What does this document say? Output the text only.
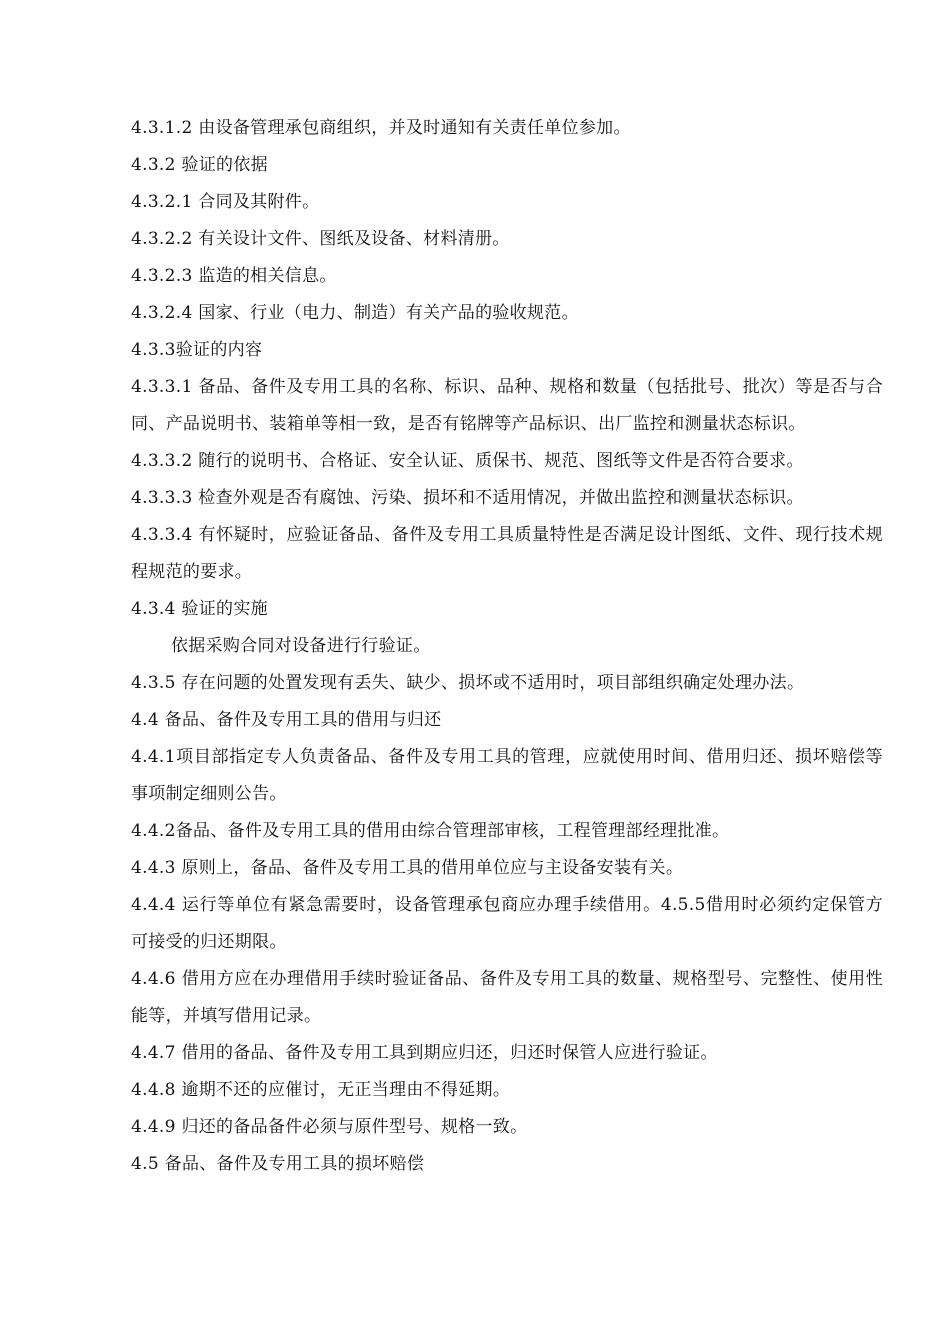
4.3.1.2 由设备管理承包商组织，并及时通知有关责任单位参加。

4.3.2 验证的依据

4.3.2.1 合同及其附件。

4.3.2.2 有关设计文件、图纸及设备、材料清册。

4.3.2.3 监造的相关信息。

4.3.2.4 国家、行业（电力、制造）有关产品的验收规范。

4.3.3验证的内容

4.3.3.1 备品、备件及专用工具的名称、标识、品种、规格和数量（包括批号、批次）等是否与合同、产品说明书、装箱单等相一致，是否有铭牌等产品标识、出厂监控和测量状态标识。

4.3.3.2 随行的说明书、合格证、安全认证、质保书、规范、图纸等文件是否符合要求。

4.3.3.3 检查外观是否有腐蚀、污染、损坏和不适用情况，并做出监控和测量状态标识。

4.3.3.4 有怀疑时，应验证备品、备件及专用工具质量特性是否满足设计图纸、文件、现行技术规程规范的要求。

4.3.4 验证的实施

依据采购合同对设备进行行验证。

4.3.5 存在问题的处置发现有丢失、缺少、损坏或不适用时，项目部组织确定处理办法。

4.4 备品、备件及专用工具的借用与归还

4.4.1项目部指定专人负责备品、备件及专用工具的管理，应就使用时间、借用归还、损坏赔偿等事项制定细则公告。

4.4.2备品、备件及专用工具的借用由综合管理部审核，工程管理部经理批准。

4.4.3 原则上，备品、备件及专用工具的借用单位应与主设备安装有关。

4.4.4 运行等单位有紧急需要时，设备管理承包商应办理手续借用。4.5.5借用时必须约定保管方可接受的归还期限。

4.4.6 借用方应在办理借用手续时验证备品、备件及专用工具的数量、规格型号、完整性、使用性能等，并填写借用记录。

4.4.7 借用的备品、备件及专用工具到期应归还，归还时保管人应进行验证。

4.4.8 逾期不还的应催讨，无正当理由不得延期。

4.4.9 归还的备品备件必须与原件型号、规格一致。

4.5 备品、备件及专用工具的损坏赔偿
